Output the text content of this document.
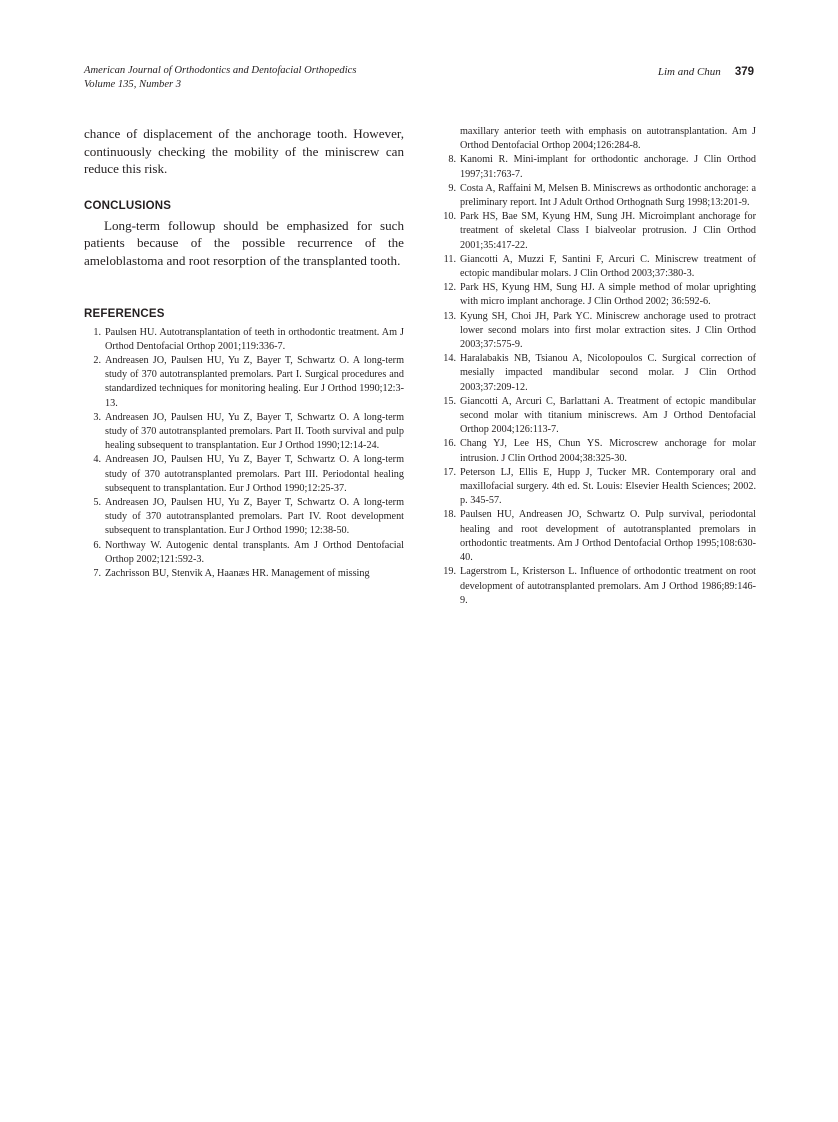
American Journal of Orthodontics and Dentofacial Orthopedics
Volume 135, Number 3
Lim and Chun 379

chance of displacement of the anchorage tooth. However, continuously checking the mobility of the miniscrew can reduce this risk.

CONCLUSIONS

Long-term followup should be emphasized for such patients because of the possible recurrence of the ameloblastoma and root resorption of the transplanted tooth.

REFERENCES
1. Paulsen HU. Autotransplantation of teeth in orthodontic treatment. Am J Orthod Dentofacial Orthop 2001;119:336-7.
2. Andreasen JO, Paulsen HU, Yu Z, Bayer T, Schwartz O. A long-term study of 370 autotransplanted premolars. Part I. Surgical procedures and standardized techniques for monitoring healing. Eur J Orthod 1990;12:3-13.
3. Andreasen JO, Paulsen HU, Yu Z, Bayer T, Schwartz O. A long-term study of 370 autotransplanted premolars. Part II. Tooth survival and pulp healing subsequent to transplantation. Eur J Orthod 1990;12:14-24.
4. Andreasen JO, Paulsen HU, Yu Z, Bayer T, Schwartz O. A long-term study of 370 autotransplanted premolars. Part III. Periodontal healing subsequent to transplantation. Eur J Orthod 1990;12:25-37.
5. Andreasen JO, Paulsen HU, Yu Z, Bayer T, Schwartz O. A long-term study of 370 autotransplanted premolars. Part IV. Root development subsequent to transplantation. Eur J Orthod 1990; 12:38-50.
6. Northway W. Autogenic dental transplants. Am J Orthod Dentofacial Orthop 2002;121:592-3.
7. Zachrisson BU, Stenvik A, Haanæs HR. Management of missing

maxillary anterior teeth with emphasis on autotransplantation. Am J Orthod Dentofacial Orthop 2004;126:284-8.

8. Kanomi R. Mini-implant for orthodontic anchorage. J Clin Orthod 1997;31:763-7.
9. Costa A, Raffaini M, Melsen B. Miniscrews as orthodontic anchorage: a preliminary report. Int J Adult Orthod Orthognath Surg 1998;13:201-9.
10. Park HS, Bae SM, Kyung HM, Sung JH. Microimplant anchorage for treatment of skeletal Class I bialveolar protrusion. J Clin Orthod 2001;35:417-22.
11. Giancotti A, Muzzi F, Santini F, Arcuri C. Miniscrew treatment of ectopic mandibular molars. J Clin Orthod 2003;37:380-3.
12. Park HS, Kyung HM, Sung HJ. A simple method of molar uprighting with micro implant anchorage. J Clin Orthod 2002; 36:592-6.
13. Kyung SH, Choi JH, Park YC. Miniscrew anchorage used to protract lower second molars into first molar extraction sites. J Clin Orthod 2003;37:575-9.
14. Haralabakis NB, Tsianou A, Nicolopoulos C. Surgical correction of mesially impacted mandibular second molar. J Clin Orthod 2003;37:209-12.
15. Giancotti A, Arcuri C, Barlattani A. Treatment of ectopic mandibular second molar with titanium miniscrews. Am J Orthod Dentofacial Orthop 2004;126:113-7.
16. Chang YJ, Lee HS, Chun YS. Microscrew anchorage for molar intrusion. J Clin Orthod 2004;38:325-30.
17. Peterson LJ, Ellis E, Hupp J, Tucker MR. Contemporary oral and maxillofacial surgery. 4th ed. St. Louis: Elsevier Health Sciences; 2002. p. 345-57.
18. Paulsen HU, Andreasen JO, Schwartz O. Pulp survival, periodontal healing and root development of autotransplanted premolars in orthodontic treatments. Am J Orthod Dentofacial Orthop 1995;108:630-40.
19. Lagerstrom L, Kristerson L. Influence of orthodontic treatment on root development of autotransplanted premolars. Am J Orthod 1986;89:146-9.
